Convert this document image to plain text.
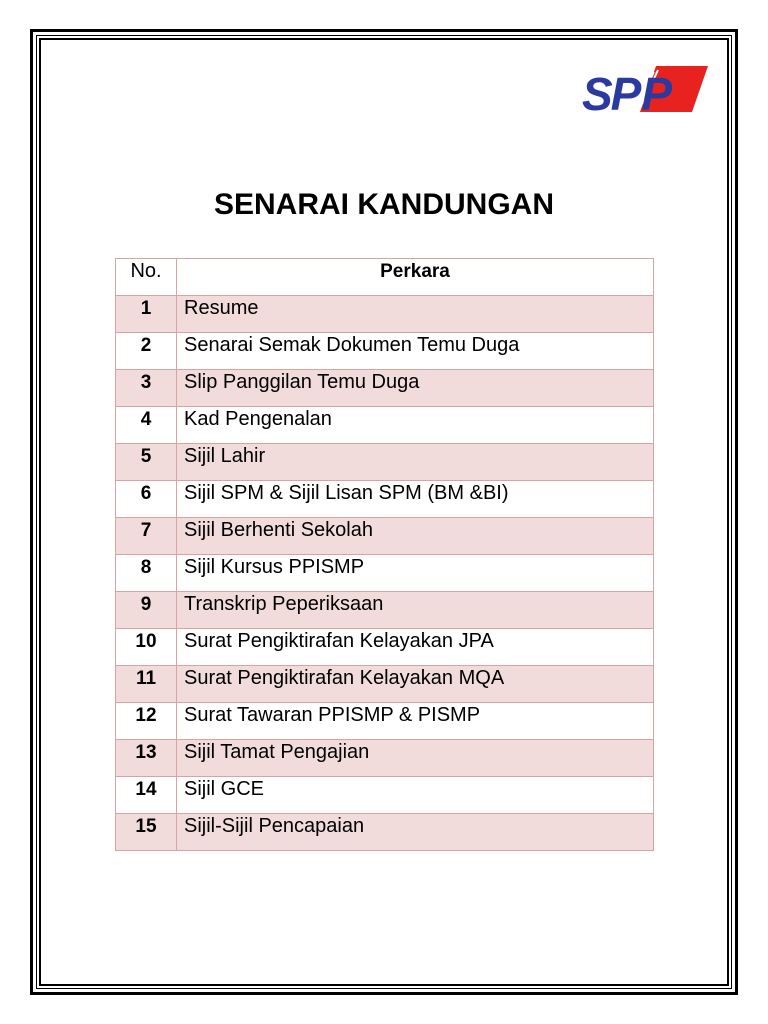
SPP
SENARAI KANDUNGAN
No.	Perkara
1	Resume
2	Senarai Semak Dokumen Temu Duga
3	Slip Panggilan Temu Duga
4	Kad Pengenalan
5	Sijil Lahir
6	Sijil SPM & Sijil Lisan SPM (BM &BI)
7	Sijil Berhenti Sekolah
8	Sijil Kursus PPISMP
9	Transkrip Peperiksaan
10	Surat Pengiktirafan Kelayakan JPA
11	Surat Pengiktirafan Kelayakan MQA
12	Surat Tawaran PPISMP & PISMP
13	Sijil Tamat Pengajian
14	Sijil GCE
15	Sijil-Sijil Pencapaian
